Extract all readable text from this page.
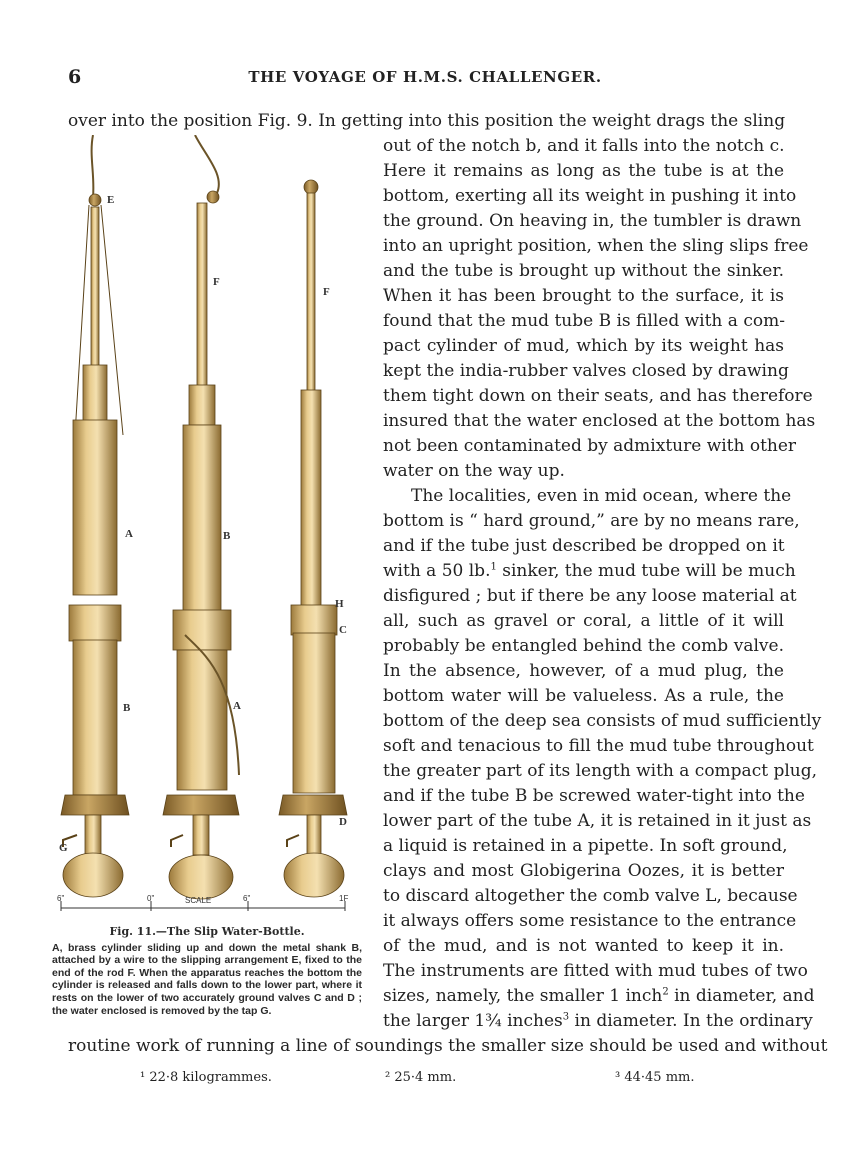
6	THE VOYAGE OF H.M.S. CHALLENGER.
over into the position Fig. 9. In getting into this position the weight drags the sling
out of the notch b, and it falls into the notch c.
Here it remains as long as the tube is at the
bottom, exerting all its weight in pushing it into
the ground. On heaving in, the tumbler is drawn
into an upright position, when the sling slips free
and the tube is brought up without the sinker.
When it has been brought to the surface, it is
found that the mud tube B is filled with a com-
pact cylinder of mud, which by its weight has
kept the india-rubber valves closed by drawing
them tight down on their seats, and has therefore
insured that the water enclosed at the bottom has
not been contaminated by admixture with other
water on the way up.
The localities, even in mid ocean, where the
bottom is “ hard ground,” are by no means rare,
and if the tube just described be dropped on it
with a 50 lb.$^1$ sinker, the mud tube will be much
disfigured ; but if there be any loose material at
all, such as gravel or coral, a little of it will
probably be entangled behind the comb valve.
In the absence, however, of a mud plug, the
bottom water will be valueless. As a rule, the
bottom of the deep sea consists of mud sufficiently
soft and tenacious to fill the mud tube throughout
the greater part of its length with a compact plug,
and if the tube B be screwed water-tight into the
lower part of the tube A, it is retained in it just as
a liquid is retained in a pipette. In soft ground,
clays and most Globigerina Oozes, it is better
to discard altogether the comb valve L, because
it always offers some resistance to the entrance
of the mud, and is not wanted to keep it in.
The instruments are fitted with mud tubes of two
sizes, namely, the smaller 1 inch$^2$ in diameter, and
the larger 1¾ inches$^3$ in diameter. In the ordinary
routine work of running a line of soundings the smaller size should be used and without
E
F
A
B
G
B
A
F
H
C
D
6"	0"	SCALE	6"	1F
Fig. 11.—The Slip Water-Bottle.
A, brass cylinder sliding up and down the metal shank B, attached by a wire to the slipping arrangement E, fixed to the end of the rod F. When the apparatus reaches the bottom the cylinder is released and falls down to the lower part, where it rests on the lower of two accurately ground valves C and D ; the water enclosed is removed by the tap G.
¹ 22·8 kilogrammes.	² 25·4 mm.	³ 44·45 mm.
